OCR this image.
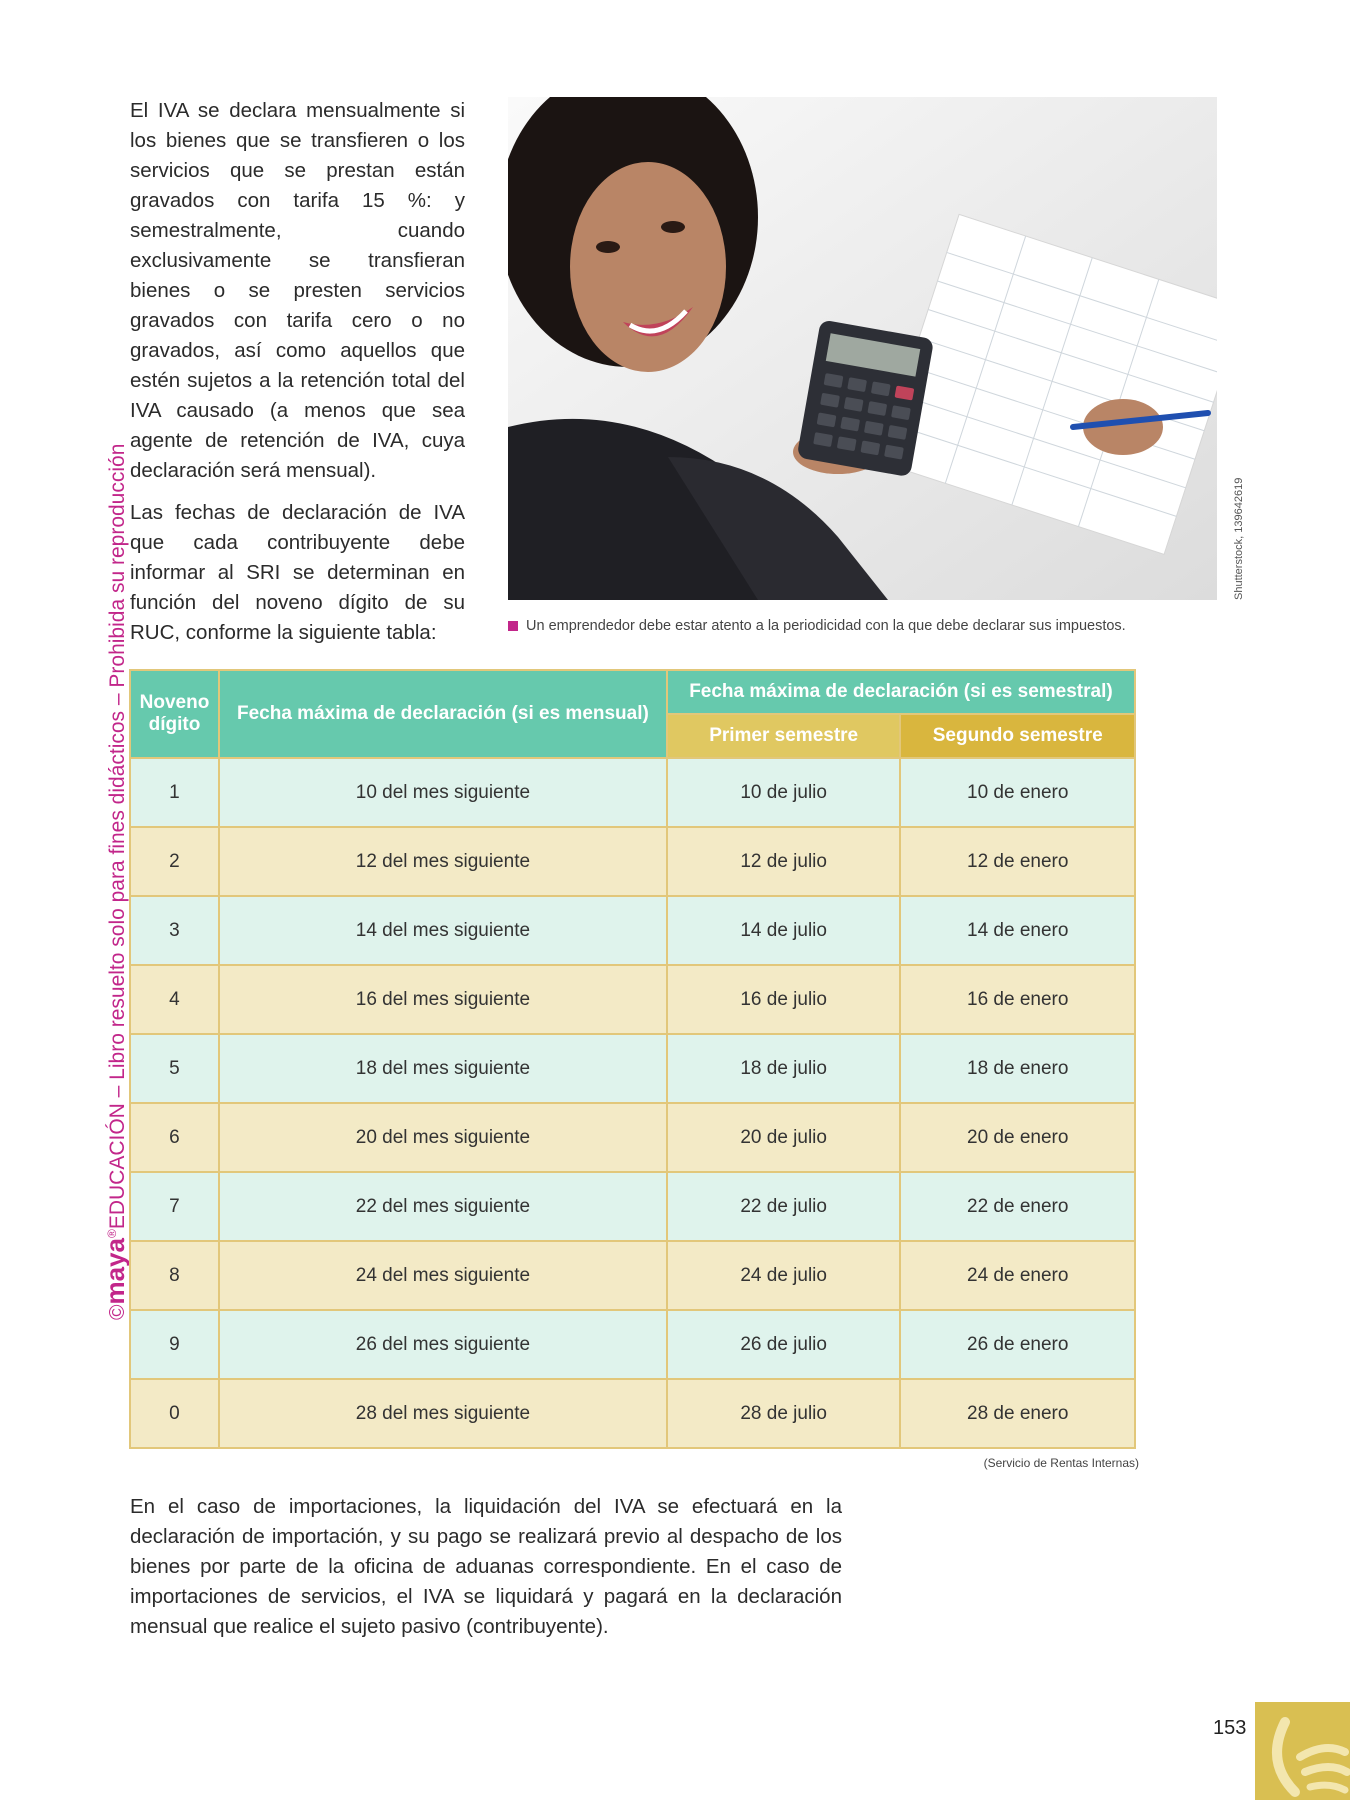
©maya®EDUCACIÓN – Libro resuelto solo para fines didácticos – Prohibida su reproducción

El IVA se declara mensualmente si los bienes que se transfieren o los servicios que se prestan están gravados con tarifa 15 %: y semestralmente, cuando exclusivamente se transfieran bienes o se presten servicios gravados con tarifa cero o no gravados, así como aquellos que estén sujetos a la retención total del IVA causado (a menos que sea agente de retención de IVA, cuya declaración será mensual).

Las fechas de declaración de IVA que cada contribuyente debe informar al SRI se determinan en función del noveno dígito de su RUC, conforme la siguiente tabla:

Shutterstock, 139642619
Un emprendedor debe estar atento a la periodicidad con la que debe declarar sus impuestos.
Noveno dígito	Fecha máxima de declaración (si es mensual)	Fecha máxima de declaración (si es semestral)	
		Primer semestre	Segundo semestre
1	10 del mes siguiente	10 de julio	10 de enero
2	12 del mes siguiente	12 de julio	12 de enero
3	14 del mes siguiente	14 de julio	14 de enero
4	16 del mes siguiente	16 de julio	16 de enero
5	18 del mes siguiente	18 de julio	18 de enero
6	20 del mes siguiente	20 de julio	20 de enero
7	22 del mes siguiente	22 de julio	22 de enero
8	24 del mes siguiente	24 de julio	24 de enero
9	26 del mes siguiente	26 de julio	26 de enero
0	28 del mes siguiente	28 de julio	28 de enero
(Servicio de Rentas Internas)
En el caso de importaciones, la liquidación del IVA se efectuará en la declaración de importación, y su pago se realizará previo al despacho de los bienes por parte de la oficina de aduanas correspondiente. En el caso de importaciones de servicios, el IVA se liquidará y pagará en la declaración mensual que realice el sujeto pasivo (contribuyente).
153
